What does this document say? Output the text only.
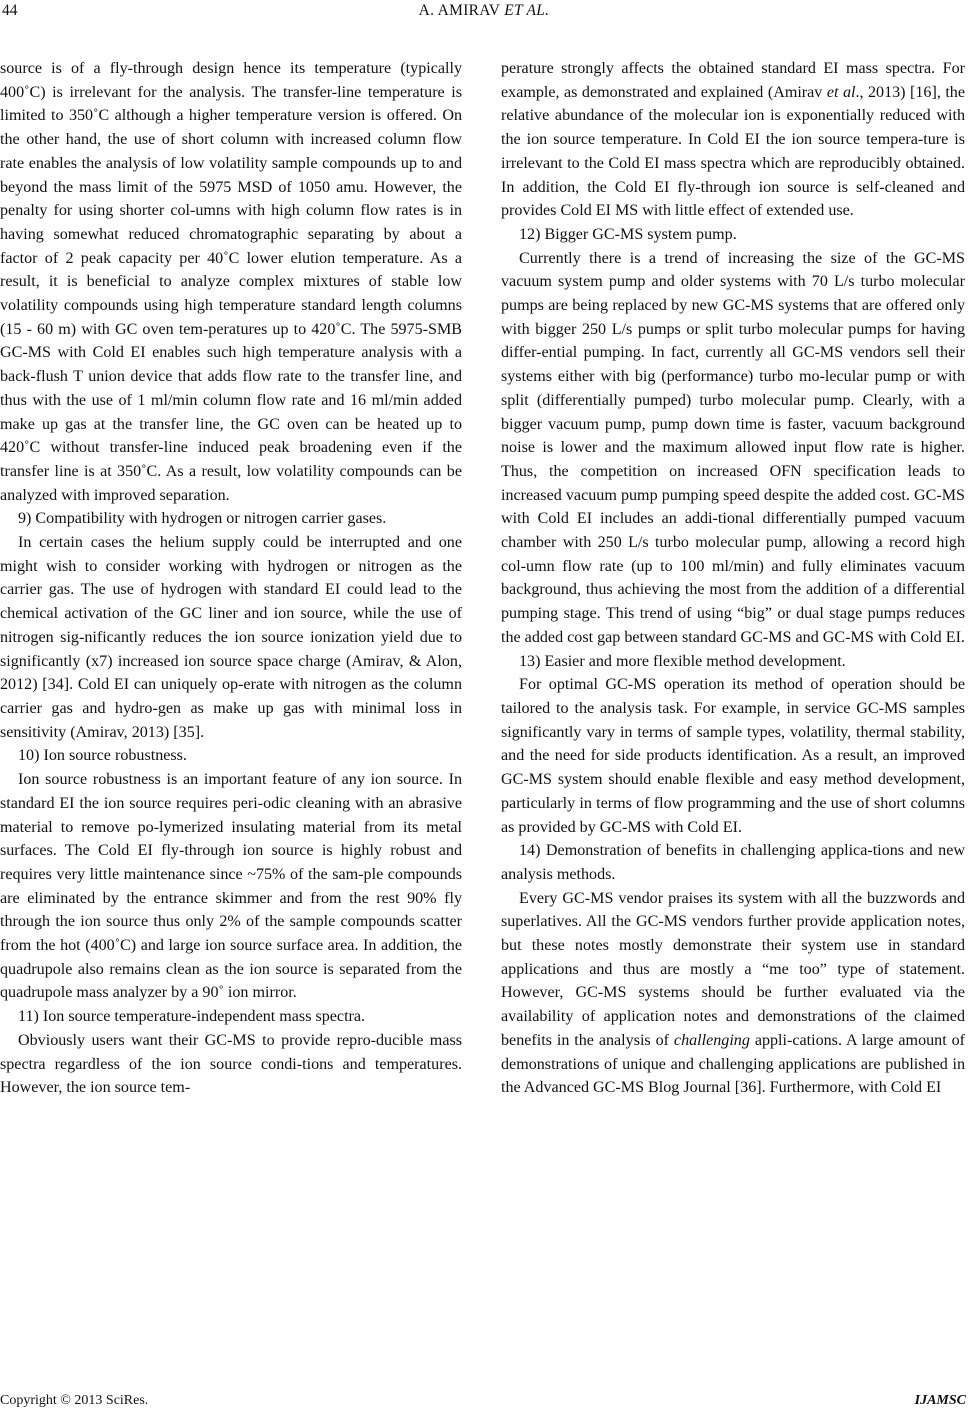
44	A. AMIRAV ET AL.

source is of a fly-through design hence its temperature (typically 400˚C) is irrelevant for the analysis. The transfer-line temperature is limited to 350˚C although a higher temperature version is offered. On the other hand, the use of short column with increased column flow rate enables the analysis of low volatility sample compounds up to and beyond the mass limit of the 5975 MSD of 1050 amu. However, the penalty for using shorter col-umns with high column flow rates is in having somewhat reduced chromatographic separating by about a factor of 2 peak capacity per 40˚C lower elution temperature. As a result, it is beneficial to analyze complex mixtures of stable low volatility compounds using high temperature standard length columns (15 - 60 m) with GC oven tem-peratures up to 420˚C. The 5975-SMB GC-MS with Cold EI enables such high temperature analysis with a back-flush T union device that adds flow rate to the transfer line, and thus with the use of 1 ml/min column flow rate and 16 ml/min added make up gas at the transfer line, the GC oven can be heated up to 420˚C without transfer-line induced peak broadening even if the transfer line is at 350˚C. As a result, low volatility compounds can be analyzed with improved separation.

9) Compatibility with hydrogen or nitrogen carrier gases.

In certain cases the helium supply could be interrupted and one might wish to consider working with hydrogen or nitrogen as the carrier gas. The use of hydrogen with standard EI could lead to the chemical activation of the GC liner and ion source, while the use of nitrogen sig-nificantly reduces the ion source ionization yield due to significantly (x7) increased ion source space charge (Amirav, & Alon, 2012) [34]. Cold EI can uniquely op-erate with nitrogen as the column carrier gas and hydro-gen as make up gas with minimal loss in sensitivity (Amirav, 2013) [35].

10) Ion source robustness.

Ion source robustness is an important feature of any ion source. In standard EI the ion source requires peri-odic cleaning with an abrasive material to remove po-lymerized insulating material from its metal surfaces. The Cold EI fly-through ion source is highly robust and requires very little maintenance since ~75% of the sam-ple compounds are eliminated by the entrance skimmer and from the rest 90% fly through the ion source thus only 2% of the sample compounds scatter from the hot (400˚C) and large ion source surface area. In addition, the quadrupole also remains clean as the ion source is separated from the quadrupole mass analyzer by a 90˚ ion mirror.

11) Ion source temperature-independent mass spectra.

Obviously users want their GC-MS to provide repro-ducible mass spectra regardless of the ion source condi-tions and temperatures. However, the ion source tem-

perature strongly affects the obtained standard EI mass spectra. For example, as demonstrated and explained (Amirav et al., 2013) [16], the relative abundance of the molecular ion is exponentially reduced with the ion source temperature. In Cold EI the ion source tempera-ture is irrelevant to the Cold EI mass spectra which are reproducibly obtained. In addition, the Cold EI fly-through ion source is self-cleaned and provides Cold EI MS with little effect of extended use.

12) Bigger GC-MS system pump.

Currently there is a trend of increasing the size of the GC-MS vacuum system pump and older systems with 70 L/s turbo molecular pumps are being replaced by new GC-MS systems that are offered only with bigger 250 L/s pumps or split turbo molecular pumps for having differ-ential pumping. In fact, currently all GC-MS vendors sell their systems either with big (performance) turbo mo-lecular pump or with split (differentially pumped) turbo molecular pump. Clearly, with a bigger vacuum pump, pump down time is faster, vacuum background noise is lower and the maximum allowed input flow rate is higher. Thus, the competition on increased OFN specification leads to increased vacuum pump pumping speed despite the added cost. GC-MS with Cold EI includes an addi-tional differentially pumped vacuum chamber with 250 L/s turbo molecular pump, allowing a record high col-umn flow rate (up to 100 ml/min) and fully eliminates vacuum background, thus achieving the most from the addition of a differential pumping stage. This trend of using “big” or dual stage pumps reduces the added cost gap between standard GC-MS and GC-MS with Cold EI.

13) Easier and more flexible method development.

For optimal GC-MS operation its method of operation should be tailored to the analysis task. For example, in service GC-MS samples significantly vary in terms of sample types, volatility, thermal stability, and the need for side products identification. As a result, an improved GC-MS system should enable flexible and easy method development, particularly in terms of flow programming and the use of short columns as provided by GC-MS with Cold EI.

14) Demonstration of benefits in challenging applica-tions and new analysis methods.

Every GC-MS vendor praises its system with all the buzzwords and superlatives. All the GC-MS vendors further provide application notes, but these notes mostly demonstrate their system use in standard applications and thus are mostly a “me too” type of statement. However, GC-MS systems should be further evaluated via the availability of application notes and demonstrations of the claimed benefits in the analysis of challenging appli-cations. A large amount of demonstrations of unique and challenging applications are published in the Advanced GC-MS Blog Journal [36]. Furthermore, with Cold EI

Copyright © 2013 SciRes.	IJAMSC
